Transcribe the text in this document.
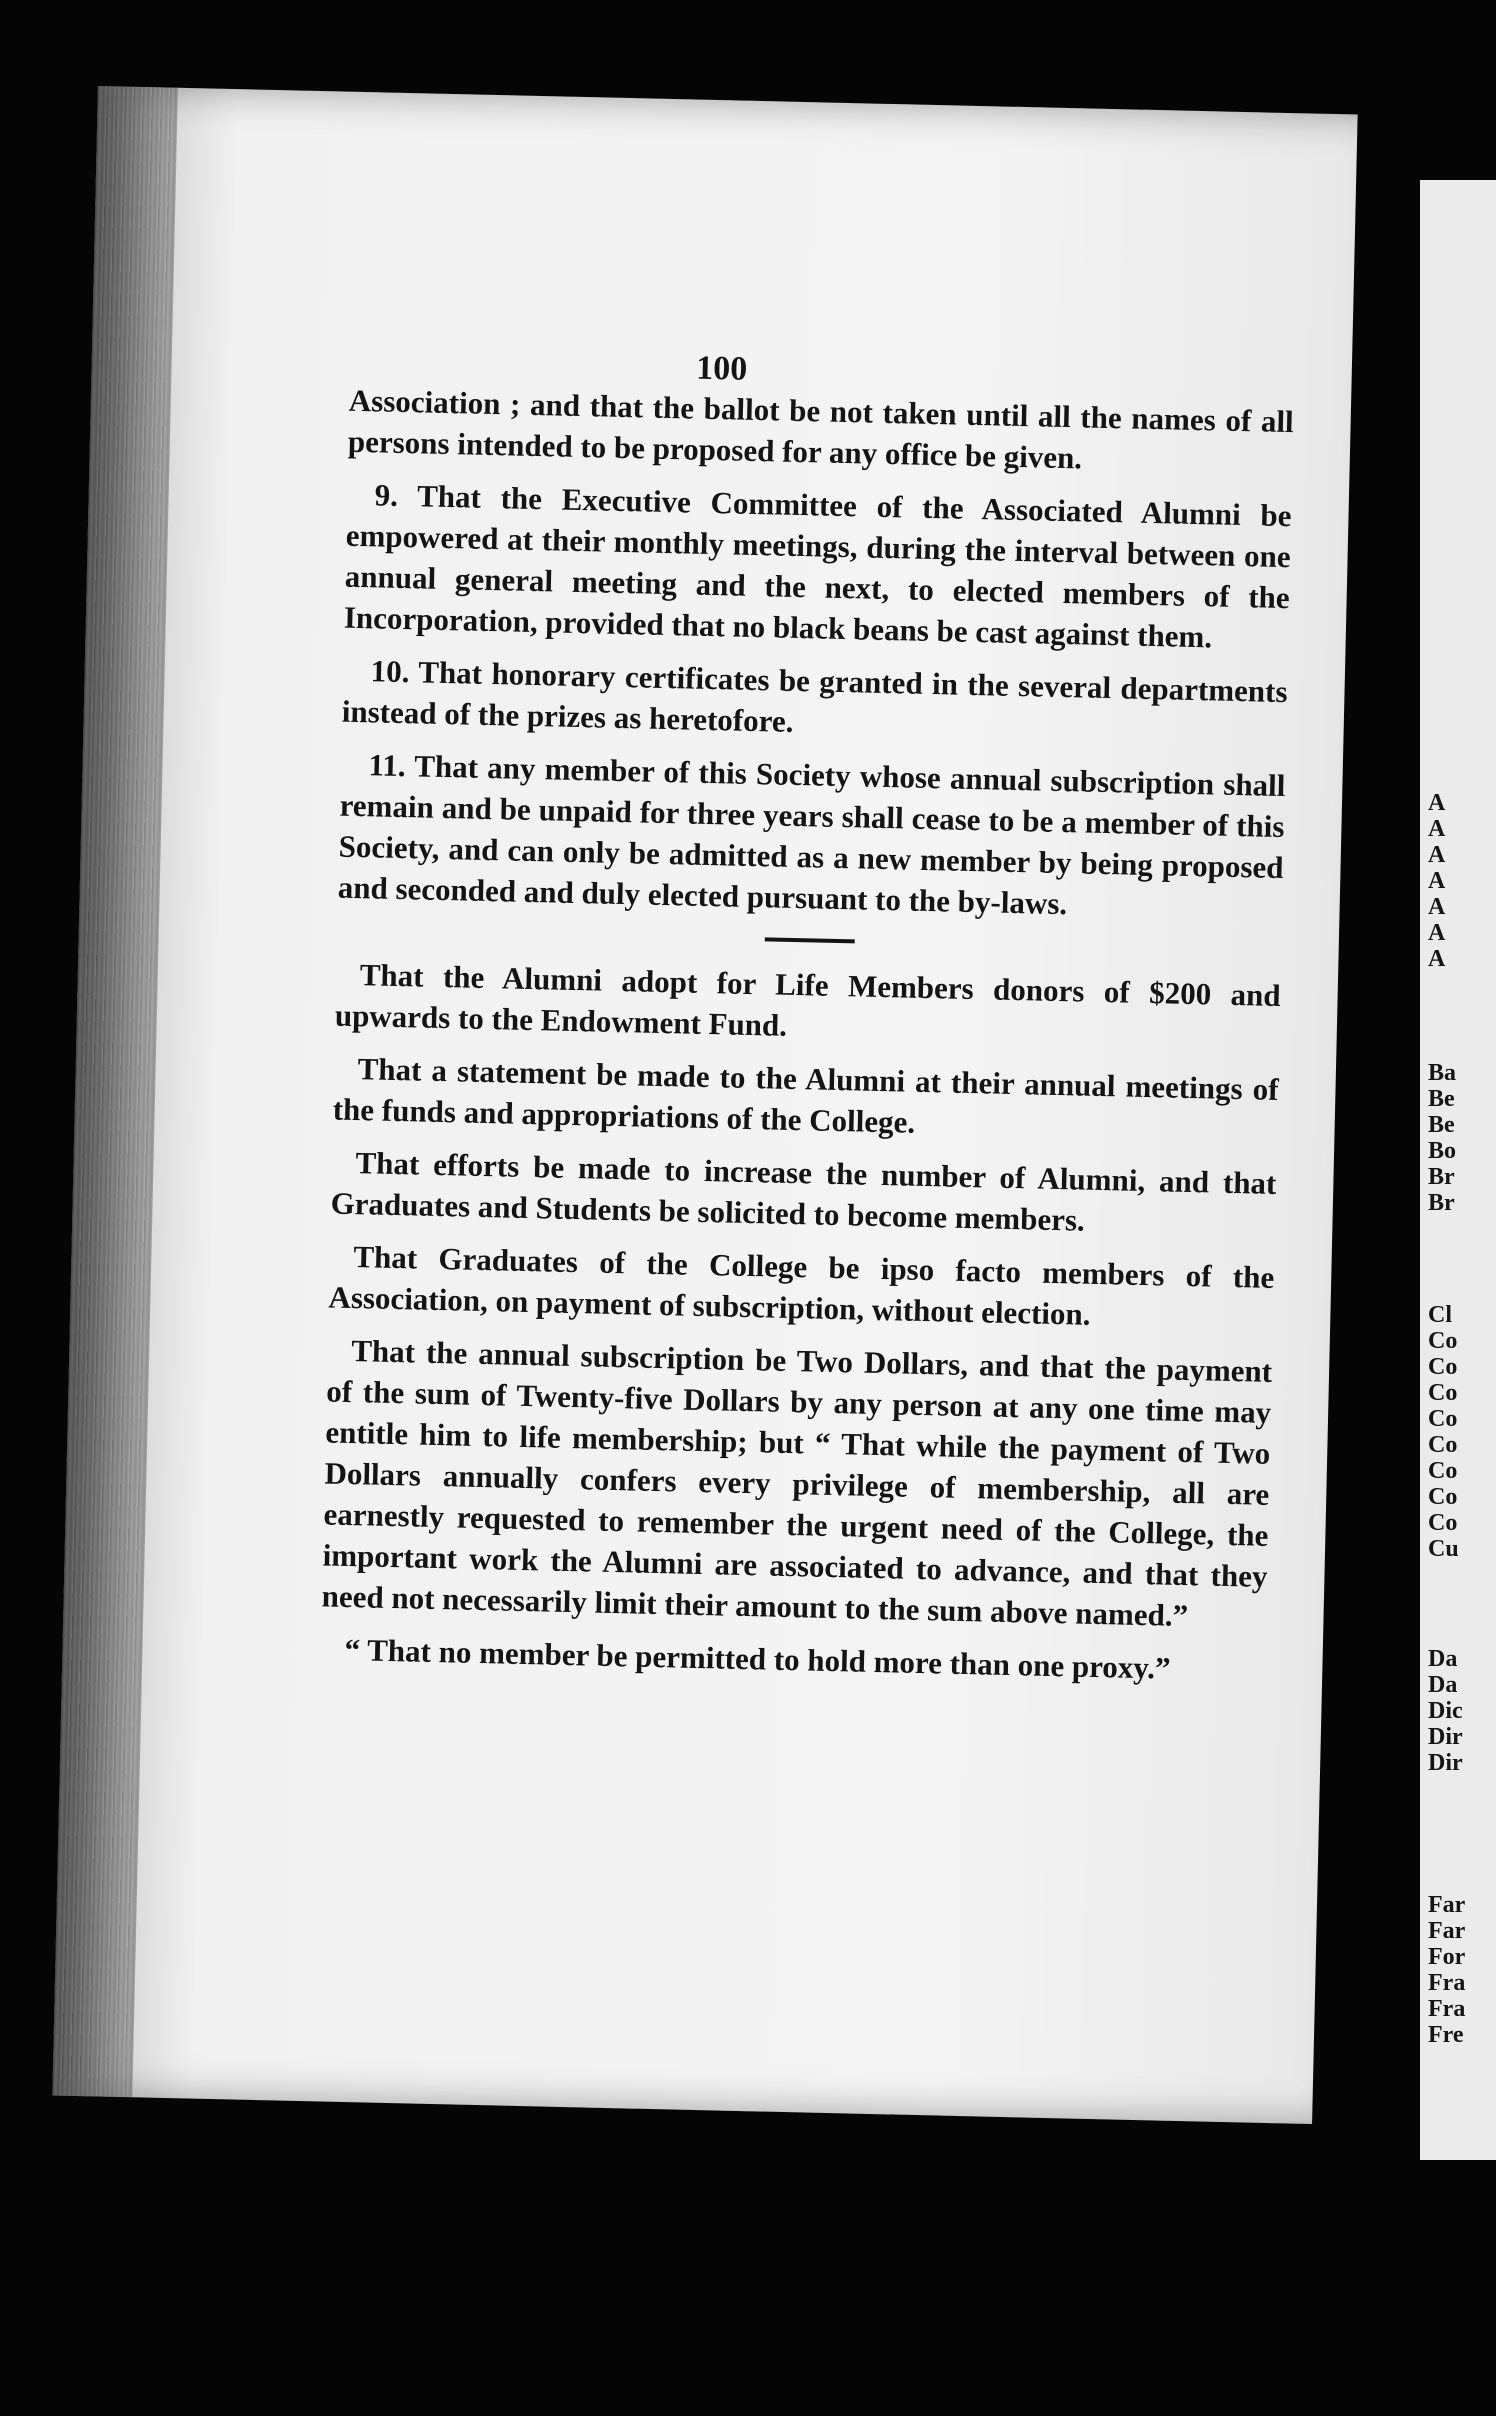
100

Association ; and that the ballot be not taken until all the names of all persons intended to be proposed for any office be given.

9. That the Executive Committee of the Associated Alumni be empowered at their monthly meetings, during the interval between one annual general meeting and the next, to elected members of the Incorporation, provided that no black beans be cast against them.

10. That honorary certificates be granted in the several departments instead of the prizes as heretofore.

11. That any member of this Society whose annual subscription shall remain and be unpaid for three years shall cease to be a member of this Society, and can only be admitted as a new member by being proposed and seconded and duly elected pursuant to the by-laws.

That the Alumni adopt for Life Members donors of $200 and upwards to the Endowment Fund.

That a statement be made to the Alumni at their annual meetings of the funds and appropriations of the College.

That efforts be made to increase the number of Alumni, and that Graduates and Students be solicited to become members.

That Graduates of the College be ipso facto members of the Association, on payment of subscription, without election.

That the annual subscription be Two Dollars, and that the payment of the sum of Twenty-five Dollars by any person at any one time may entitle him to life membership; but “ That while the payment of Two Dollars annually confers every privilege of membership, all are earnestly requested to remember the urgent need of the College, the important work the Alumni are associated to advance, and that they need not necessarily limit their amount to the sum above named.”

“ That no member be permitted to hold more than one proxy.”

A
A
A
A
A
A
A
Ba
Be
Be
Bo
Br
Br
Cl
Co
Co
Co
Co
Co
Co
Co
Co
Cu
Da
Da
Dic
Dir
Dir
Far
Far
For
Fra
Fra
Fre
